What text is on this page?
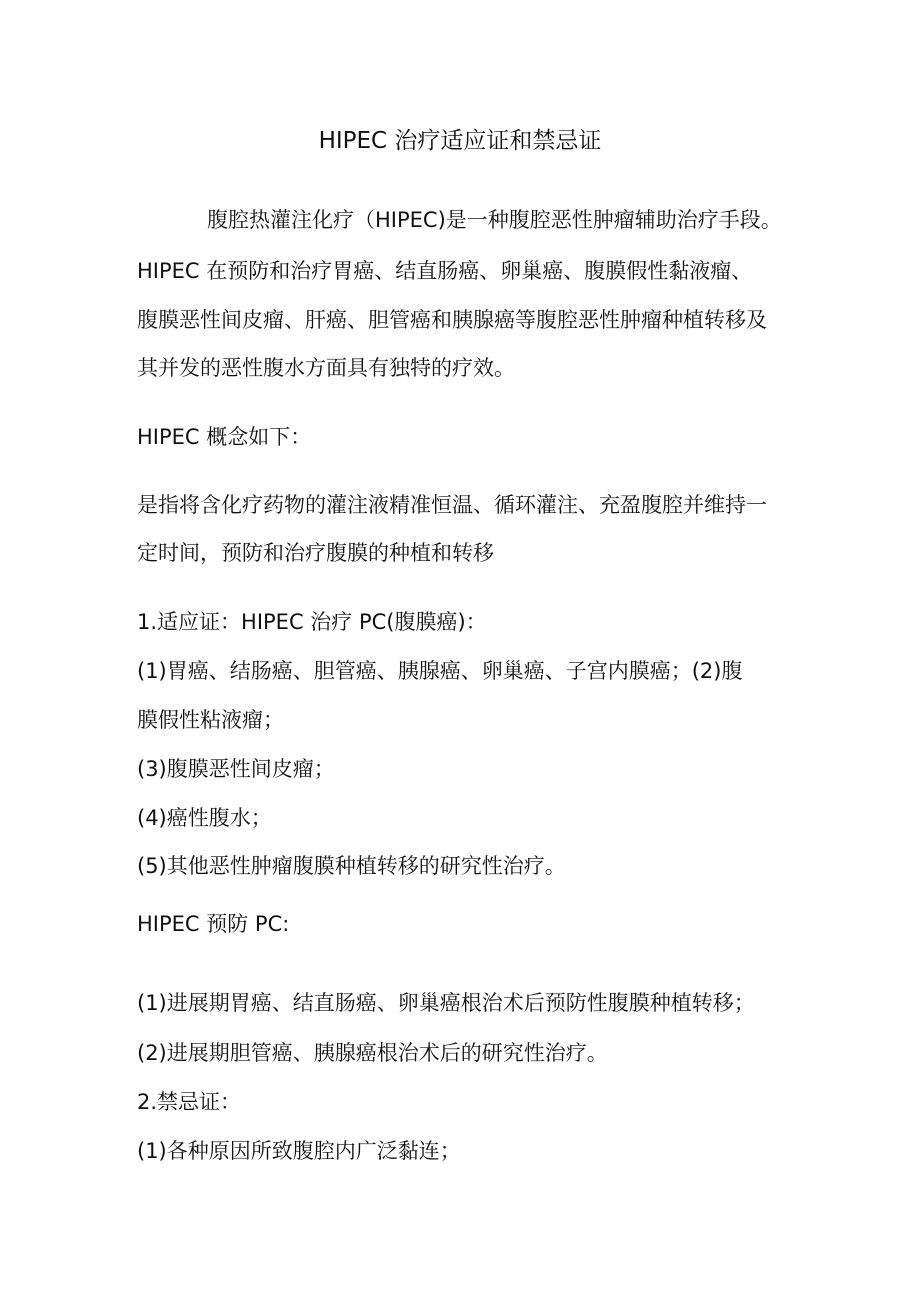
HIPEC 治疗适应证和禁忌证

腹腔热灌注化疗（HIPEC)是一种腹腔恶性肿瘤辅助治疗手段。

HIPEC 在预防和治疗胃癌、结直肠癌、卵巢癌、腹膜假性黏液瘤、

腹膜恶性间皮瘤、肝癌、胆管癌和胰腺癌等腹腔恶性肿瘤种植转移及

其并发的恶性腹水方面具有独特的疗效。

HIPEC 概念如下：

是指将含化疗药物的灌注液精准恒温、循环灌注、充盈腹腔并维持一

定时间，预防和治疗腹膜的种植和转移

1.适应证：HIPEC 治疗 PC(腹膜癌)：

(1)胃癌、结肠癌、胆管癌、胰腺癌、卵巢癌、子宫内膜癌；(2)腹

膜假性粘液瘤；

(3)腹膜恶性间皮瘤；

(4)癌性腹水；

(5)其他恶性肿瘤腹膜种植转移的研究性治疗。

HIPEC 预防 PC:

(1)进展期胃癌、结直肠癌、卵巢癌根治术后预防性腹膜种植转移；

(2)进展期胆管癌、胰腺癌根治术后的研究性治疗。

2.禁忌证：

(1)各种原因所致腹腔内广泛黏连；
